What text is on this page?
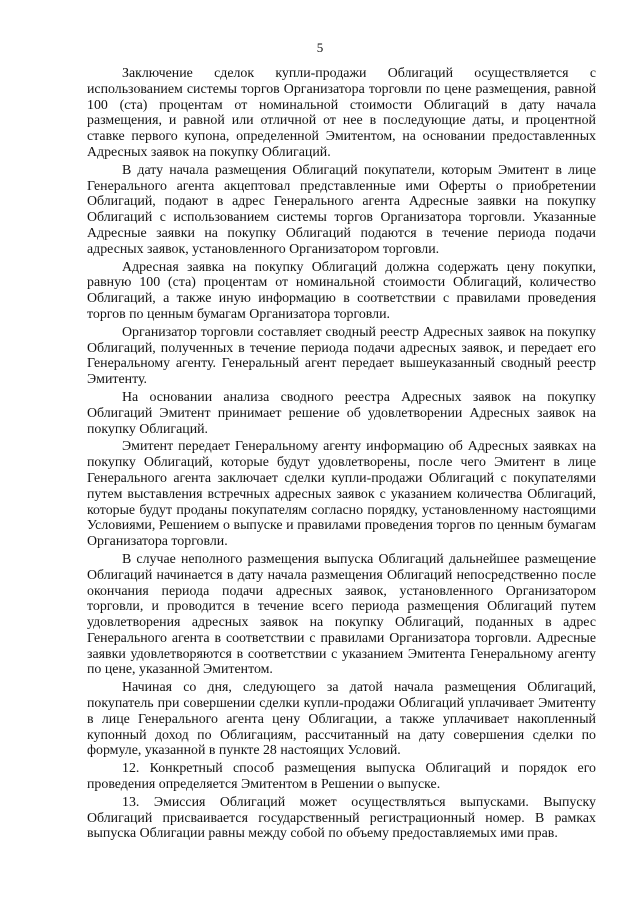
5

Заключение сделок купли-продажи Облигаций осуществляется с использованием системы торгов Организатора торговли по цене размещения, равной 100 (ста) процентам от номинальной стоимости Облигаций в дату начала размещения, и равной или отличной от нее в последующие даты, и процентной ставке первого купона, определенной Эмитентом, на основании предоставленных Адресных заявок на покупку Облигаций.

В дату начала размещения Облигаций покупатели, которым Эмитент в лице Генерального агента акцептовал представленные ими Оферты о приобретении Облигаций, подают в адрес Генерального агента Адресные заявки на покупку Облигаций с использованием системы торгов Организатора торговли. Указанные Адресные заявки на покупку Облигаций подаются в течение периода подачи адресных заявок, установленного Организатором торговли.

Адресная заявка на покупку Облигаций должна содержать цену покупки, равную 100 (ста) процентам от номинальной стоимости Облигаций, количество Облигаций, а также иную информацию в соответствии с правилами проведения торгов по ценным бумагам Организатора торговли.

Организатор торговли составляет сводный реестр Адресных заявок на покупку Облигаций, полученных в течение периода подачи адресных заявок, и передает его Генеральному агенту. Генеральный агент передает вышеуказанный сводный реестр Эмитенту.

На основании анализа сводного реестра Адресных заявок на покупку Облигаций Эмитент принимает решение об удовлетворении Адресных заявок на покупку Облигаций.

Эмитент передает Генеральному агенту информацию об Адресных заявках на покупку Облигаций, которые будут удовлетворены, после чего Эмитент в лице Генерального агента заключает сделки купли-продажи Облигаций с покупателями путем выставления встречных адресных заявок с указанием количества Облигаций, которые будут проданы покупателям согласно порядку, установленному настоящими Условиями, Решением о выпуске и правилами проведения торгов по ценным бумагам Организатора торговли.

В случае неполного размещения выпуска Облигаций дальнейшее размещение Облигаций начинается в дату начала размещения Облигаций непосредственно после окончания периода подачи адресных заявок, установленного Организатором торговли, и проводится в течение всего периода размещения Облигаций путем удовлетворения адресных заявок на покупку Облигаций, поданных в адрес Генерального агента в соответствии с правилами Организатора торговли. Адресные заявки удовлетворяются в соответствии с указанием Эмитента Генеральному агенту по цене, указанной Эмитентом.

Начиная со дня, следующего за датой начала размещения Облигаций, покупатель при совершении сделки купли-продажи Облигаций уплачивает Эмитенту в лице Генерального агента цену Облигации, а также уплачивает накопленный купонный доход по Облигациям, рассчитанный на дату совершения сделки по формуле, указанной в пункте 28 настоящих Условий.

12. Конкретный способ размещения выпуска Облигаций и порядок его проведения определяется Эмитентом в Решении о выпуске.

13. Эмиссия Облигаций может осуществляться выпусками. Выпуску Облигаций присваивается государственный регистрационный номер. В рамках выпуска Облигации равны между собой по объему предоставляемых ими прав.
